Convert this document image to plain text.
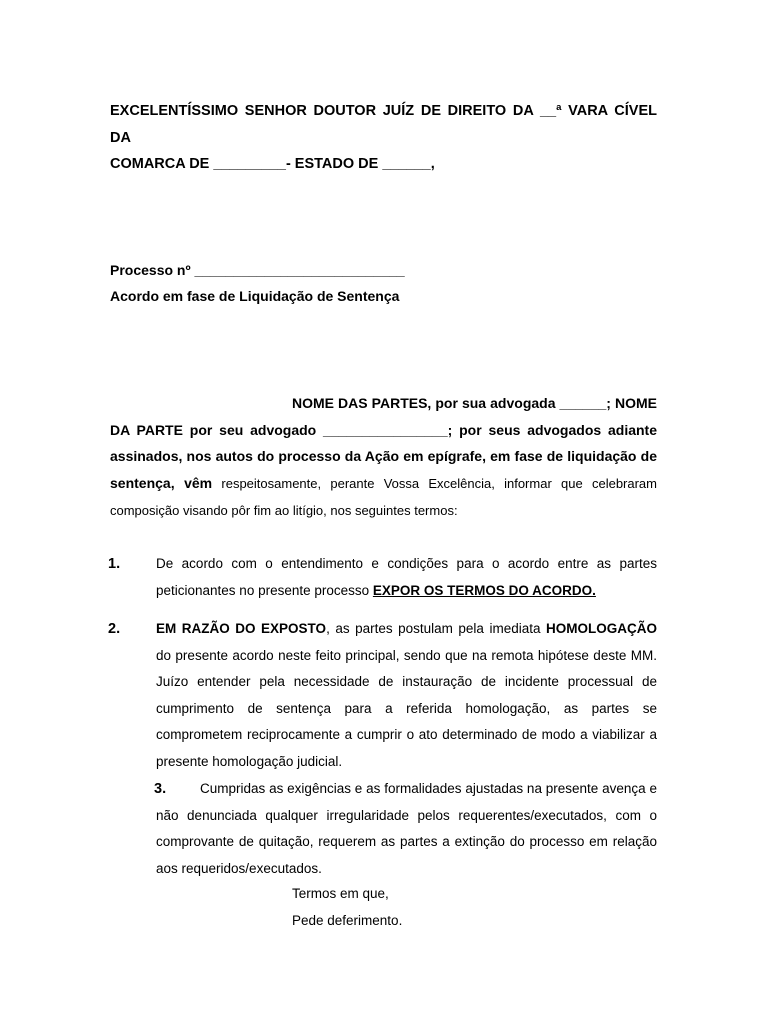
EXCELENTÍSSIMO SENHOR DOUTOR JUÍZ DE DIREITO DA __ª VARA CÍVEL DA
COMARCA DE _________- ESTADO DE ______,

Processo nº ___________________________

Acordo em fase de Liquidação de Sentença

NOME DAS PARTES, por sua advogada ______; NOME DA PARTE por seu advogado ________________; por seus advogados adiante assinados, nos autos do processo da Ação em epígrafe, em fase de liquidação de sentença, vêm respeitosamente, perante Vossa Excelência, informar que celebraram composição visando pôr fim ao litígio, nos seguintes termos:

1.	De acordo com o entendimento e condições para o acordo entre as partes peticionantes no presente processo EXPOR OS TERMOS DO ACORDO.

2.	EM RAZÃO DO EXPOSTO, as partes postulam pela imediata HOMOLOGAÇÃO do presente acordo neste feito principal, sendo que na remota hipótese deste MM. Juízo entender pela necessidade de instauração de incidente processual de cumprimento de sentença para a referida homologação, as partes se comprometem reciprocamente a cumprir o ato determinado de modo a viabilizar a presente homologação judicial.

3.	Cumpridas as exigências e as formalidades ajustadas na presente avença e não denunciada qualquer irregularidade pelos requerentes/executados, com o comprovante de quitação, requerem as partes a extinção do processo em relação aos requeridos/executados.

Termos em que,

Pede deferimento.
